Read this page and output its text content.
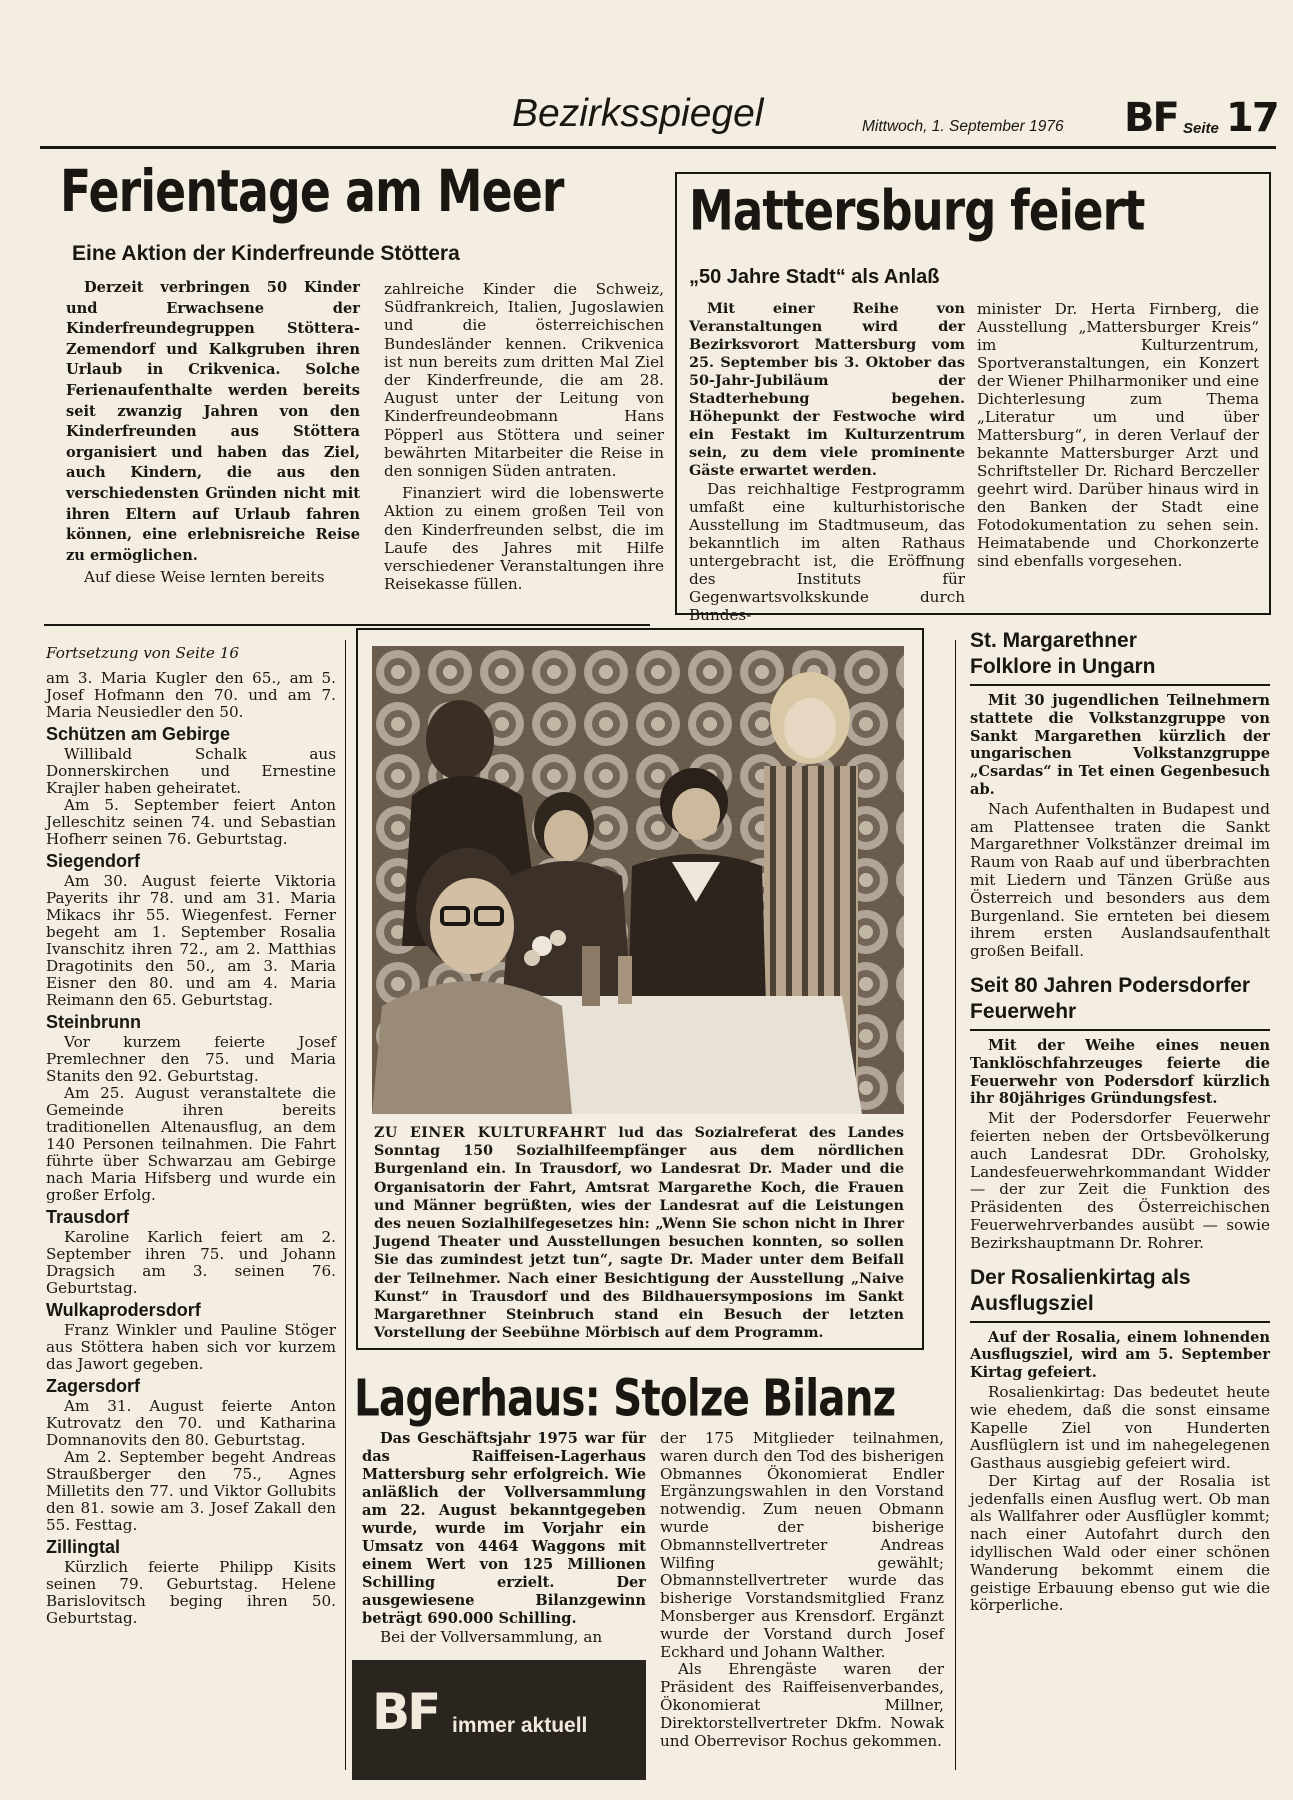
Bezirksspiegel	Mittwoch, 1. September 1976 BF Seite 17
Ferientage am Meer
Eine Aktion der Kinderfreunde Stöttera

Derzeit verbringen 50 Kinder und Erwachsene der Kinderfreundegruppen Stöttera-Zemendorf und Kalkgruben ihren Urlaub in Crikvenica. Solche Ferienaufenthalte werden bereits seit zwanzig Jahren von den Kinderfreunden aus Stöttera organisiert und haben das Ziel, auch Kindern, die aus den verschiedensten Gründen nicht mit ihren Eltern auf Urlaub fahren können, eine erlebnisreiche Reise zu ermöglichen.

Auf diese Weise lernten bereits

zahlreiche Kinder die Schweiz, Südfrankreich, Italien, Jugoslawien und die österreichischen Bundesländer kennen. Crikvenica ist nun bereits zum dritten Mal Ziel der Kinderfreunde, die am 28. August unter der Leitung von Kinderfreundeobmann Hans Pöpperl aus Stöttera und seiner bewährten Mitarbeiter die Reise in den sonnigen Süden antraten.

Finanziert wird die lobenswerte Aktion zu einem großen Teil von den Kinderfreunden selbst, die im Laufe des Jahres mit Hilfe verschiedener Veranstaltungen ihre Reisekasse füllen.

Mattersburg feiert
„50 Jahre Stadt“ als Anlaß

Mit einer Reihe von Veranstaltungen wird der Bezirksvorort Mattersburg vom 25. September bis 3. Oktober das 50-Jahr-Jubiläum der Stadterhebung begehen. Höhepunkt der Festwoche wird ein Festakt im Kulturzentrum sein, zu dem viele prominente Gäste erwartet werden.

Das reichhaltige Festprogramm umfaßt eine kulturhistorische Ausstellung im Stadtmuseum, das bekanntlich im alten Rathaus untergebracht ist, die Eröffnung des Instituts für Gegenwartsvolkskunde durch Bundes-

minister Dr. Herta Firnberg, die Ausstellung „Mattersburger Kreis“ im Kulturzentrum, Sportveranstaltungen, ein Konzert der Wiener Philharmoniker und eine Dichterlesung zum Thema „Literatur um und über Mattersburg“, in deren Verlauf der bekannte Mattersburger Arzt und Schriftsteller Dr. Richard Berczeller geehrt wird. Darüber hinaus wird in den Banken der Stadt eine Fotodokumentation zu sehen sein. Heimatabende und Chorkonzerte sind ebenfalls vorgesehen.

Fortsetzung von Seite 16

am 3. Maria Kugler den 65., am 5. Josef Hofmann den 70. und am 7. Maria Neusiedler den 50.

Schützen am Gebirge

Willibald Schalk aus Donnerskirchen und Ernestine Krajler haben geheiratet.

Am 5. September feiert Anton Jelleschitz seinen 74. und Sebastian Hofherr seinen 76. Geburtstag.

Siegendorf

Am 30. August feierte Viktoria Payerits ihr 78. und am 31. Maria Mikacs ihr 55. Wiegenfest. Ferner begeht am 1. September Rosalia Ivanschitz ihren 72., am 2. Matthias Dragotinits den 50., am 3. Maria Eisner den 80. und am 4. Maria Reimann den 65. Geburtstag.

Steinbrunn

Vor kurzem feierte Josef Premlechner den 75. und Maria Stanits den 92. Geburtstag.

Am 25. August veranstaltete die Gemeinde ihren bereits traditionellen Altenausflug, an dem 140 Personen teilnahmen. Die Fahrt führte über Schwarzau am Gebirge nach Maria Hifsberg und wurde ein großer Erfolg.

Trausdorf

Karoline Karlich feiert am 2. September ihren 75. und Johann Dragsich am 3. seinen 76. Geburtstag.

Wulkaprodersdorf

Franz Winkler und Pauline Stöger aus Stöttera haben sich vor kurzem das Jawort gegeben.

Zagersdorf

Am 31. August feierte Anton Kutrovatz den 70. und Katharina Domnanovits den 80. Geburtstag.

Am 2. September begeht Andreas Straußberger den 75., Agnes Milletits den 77. und Viktor Gollubits den 81. sowie am 3. Josef Zakall den 55. Festtag.

Zillingtal

Kürzlich feierte Philipp Kisits seinen 79. Geburtstag. Helene Barislovitsch beging ihren 50. Geburtstag.

ZU EINER KULTURFAHRT lud das Sozialreferat des Landes Sonntag 150 Sozialhilfeempfänger aus dem nördlichen Burgenland ein. In Trausdorf, wo Landesrat Dr. Mader und die Organisatorin der Fahrt, Amtsrat Margarethe Koch, die Frauen und Männer begrüßten, wies der Landesrat auf die Leistungen des neuen Sozialhilfegesetzes hin: „Wenn Sie schon nicht in Ihrer Jugend Theater und Ausstellungen besuchen konnten, so sollen Sie das zumindest jetzt tun“, sagte Dr. Mader unter dem Beifall der Teilnehmer. Nach einer Besichtigung der Ausstellung „Naive Kunst“ in Trausdorf und des Bildhauersymposions im Sankt Margarethner Steinbruch stand ein Besuch der letzten Vorstellung der Seebühne Mörbisch auf dem Programm.

St. Margarethner Folklore in Ungarn

Mit 30 jugendlichen Teilnehmern stattete die Volkstanzgruppe von Sankt Margarethen kürzlich der ungarischen Volkstanzgruppe „Csardas“ in Tet einen Gegenbesuch ab.

Nach Aufenthalten in Budapest und am Plattensee traten die Sankt Margarethner Volkstänzer dreimal im Raum von Raab auf und überbrachten mit Liedern und Tänzen Grüße aus Österreich und besonders aus dem Burgenland. Sie ernteten bei diesem ihrem ersten Auslandsaufenthalt großen Beifall.

Seit 80 Jahren Podersdorfer Feuerwehr

Mit der Weihe eines neuen Tanklöschfahrzeuges feierte die Feuerwehr von Podersdorf kürzlich ihr 80jähriges Gründungsfest.

Mit der Podersdorfer Feuerwehr feierten neben der Ortsbevölkerung auch Landesrat DDr. Groholsky, Landesfeuerwehrkommandant Widder — der zur Zeit die Funktion des Präsidenten des Österreichischen Feuerwehrverbandes ausübt — sowie Bezirkshauptmann Dr. Rohrer.

Der Rosalienkirtag als Ausflugsziel

Auf der Rosalia, einem lohnenden Ausflugsziel, wird am 5. September Kirtag gefeiert.

Rosalienkirtag: Das bedeutet heute wie ehedem, daß die sonst einsame Kapelle Ziel von Hunderten Ausflüglern ist und im nahegelegenen Gasthaus ausgiebig gefeiert wird.

Der Kirtag auf der Rosalia ist jedenfalls einen Ausflug wert. Ob man als Wallfahrer oder Ausflügler kommt; nach einer Autofahrt durch den idyllischen Wald oder einer schönen Wanderung bekommt einem die geistige Erbauung ebenso gut wie die körperliche.

Lagerhaus: Stolze Bilanz

Das Geschäftsjahr 1975 war für das Raiffeisen-Lagerhaus Mattersburg sehr erfolgreich. Wie anläßlich der Vollversammlung am 22. August bekanntgegeben wurde, wurde im Vorjahr ein Umsatz von 4464 Waggons mit einem Wert von 125 Millionen Schilling erzielt. Der ausgewiesene Bilanzgewinn beträgt 690.000 Schilling.

Bei der Vollversammlung, an

der 175 Mitglieder teilnahmen, waren durch den Tod des bisherigen Obmannes Ökonomierat Endler Ergänzungswahlen in den Vorstand notwendig. Zum neuen Obmann wurde der bisherige Obmannstellvertreter Andreas Wilfing gewählt; Obmannstellvertreter wurde das bisherige Vorstandsmitglied Franz Monsberger aus Krensdorf. Ergänzt wurde der Vorstand durch Josef Eckhard und Johann Walther.

Als Ehrengäste waren der Präsident des Raiffeisenverbandes, Ökonomierat Millner, Direktorstellvertreter Dkfm. Nowak und Oberrevisor Rochus gekommen.

BF immer aktuell
